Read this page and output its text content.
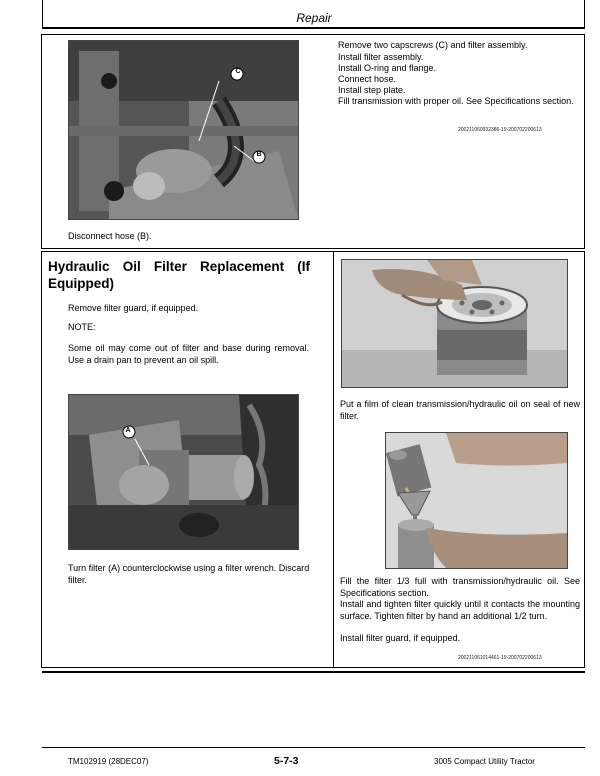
Repair
C
B
Disconnect hose (B).
Remove two capscrews (C) and filter assembly.
Install filter assembly.
Install O-ring and flange.
Connect hose.
Install step plate.
Fill transmission with proper oil. See Specifications section.
200211060932386-19-200702200613
Hydraulic Oil Filter Replacement (If Equipped)
Remove filter guard, if equipped.
NOTE:
Some oil may come out of filter and base during removal. Use a drain pan to prevent an oil spill.
A
Turn filter (A) counterclockwise using a filter wrench. Discard filter.
Put a film of clean transmission/hydraulic oil on seal of new filter.
Fill the filter 1/3 full with transmission/hydraulic oil. See Specifications section.
Install and tighten filter quickly until it contacts the mounting surface. Tighten filter by hand an additional 1/2 turn.
Install filter guard, if equipped.
200211061014461-19-200702200613
TM102919 (28DEC07)	5-7-3	3005 Compact Utility Tractor
